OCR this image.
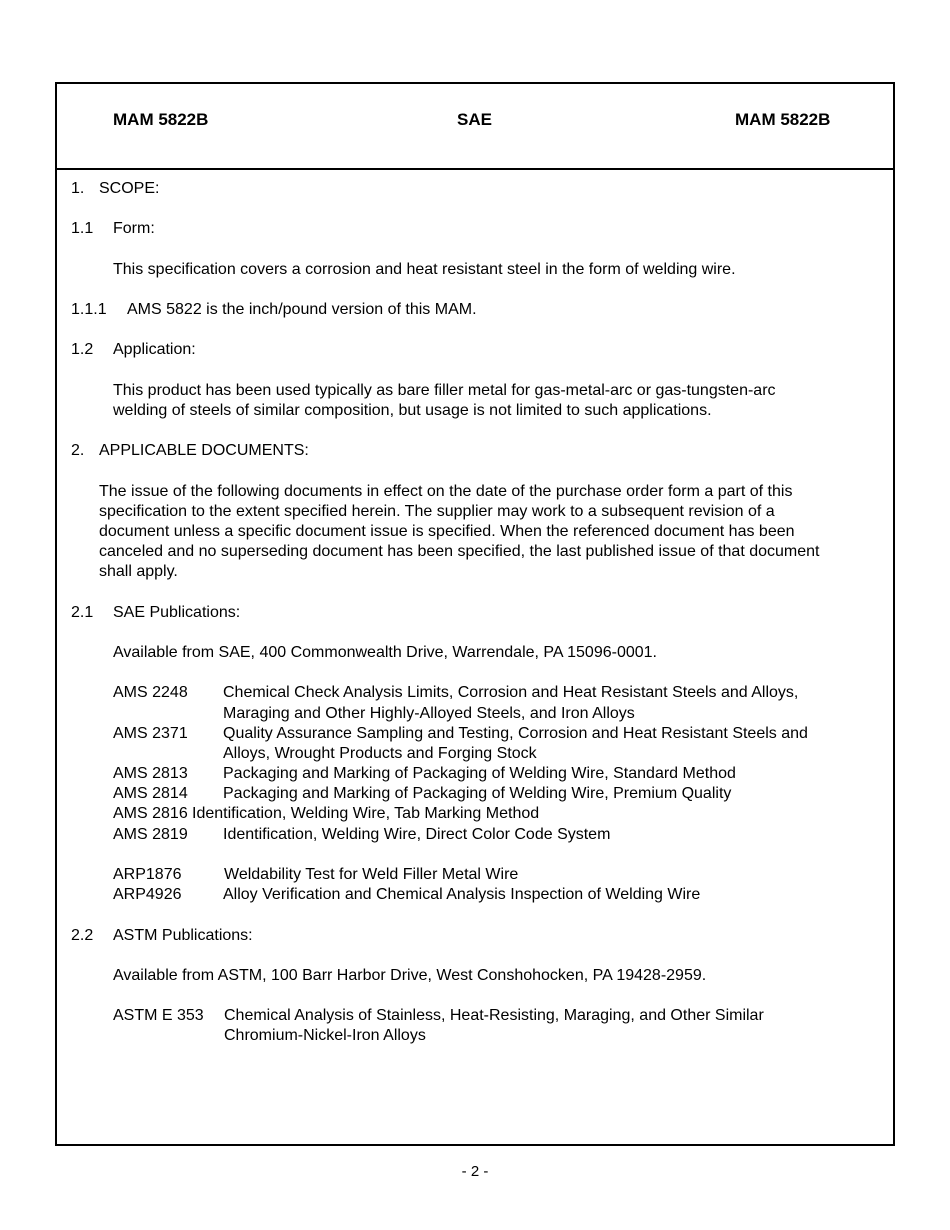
MAM 5822B	SAE	MAM 5822B
1. SCOPE:
1.1 Form:
This specification covers a corrosion and heat resistant steel in the form of welding wire.
1.1.1 AMS 5822 is the inch/pound version of this MAM.
1.2 Application:
This product has been used typically as bare filler metal for gas-metal-arc or gas-tungsten-arc
welding of steels of similar composition, but usage is not limited to such applications.
2. APPLICABLE DOCUMENTS:
The issue of the following documents in effect on the date of the purchase order form a part of this
specification to the extent specified herein. The supplier may work to a subsequent revision of a
document unless a specific document issue is specified. When the referenced document has been
canceled and no superseding document has been specified, the last published issue of that document
shall apply.
2.1 SAE Publications:
Available from SAE, 400 Commonwealth Drive, Warrendale, PA 15096-0001.
AMS 2248 Chemical Check Analysis Limits, Corrosion and Heat Resistant Steels and Alloys,
Maraging and Other Highly-Alloyed Steels, and Iron Alloys
AMS 2371 Quality Assurance Sampling and Testing, Corrosion and Heat Resistant Steels and
Alloys, Wrought Products and Forging Stock
AMS 2813 Packaging and Marking of Packaging of Welding Wire, Standard Method
AMS 2814 Packaging and Marking of Packaging of Welding Wire, Premium Quality
AMS 2816 Identification, Welding Wire, Tab Marking Method
AMS 2819 Identification, Welding Wire, Direct Color Code System
ARP1876	Weldability Test for Weld Filler Metal Wire
ARP4926	Alloy Verification and Chemical Analysis Inspection of Welding Wire
2.2 ASTM Publications:
Available from ASTM, 100 Barr Harbor Drive, West Conshohocken, PA 19428-2959.
ASTM E 353 Chemical Analysis of Stainless, Heat-Resisting, Maraging, and Other Similar
Chromium-Nickel-Iron Alloys
- 2 -
